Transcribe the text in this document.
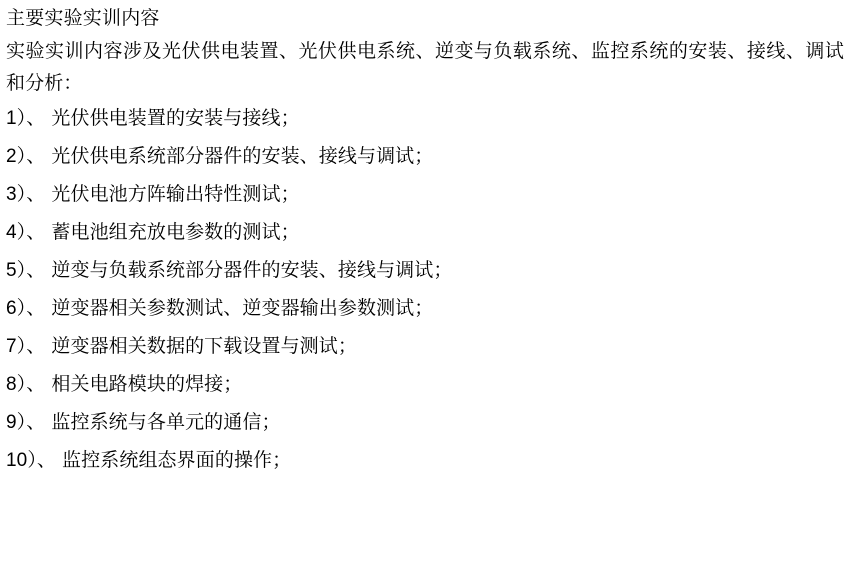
主要实验实训内容

实验实训内容涉及光伏供电装置、光伏供电系统、逆变与负载系统、监控系统的安装、接线、调试和分析：

1）、 光伏供电装置的安装与接线；
2）、 光伏供电系统部分器件的安装、接线与调试；
3）、 光伏电池方阵输出特性测试；
4）、 蓄电池组充放电参数的测试；
5）、 逆变与负载系统部分器件的安装、接线与调试；
6）、 逆变器相关参数测试、逆变器输出参数测试；
7）、 逆变器相关数据的下载设置与测试；
8）、 相关电路模块的焊接；
9）、 监控系统与各单元的通信；
10）、 监控系统组态界面的操作；
